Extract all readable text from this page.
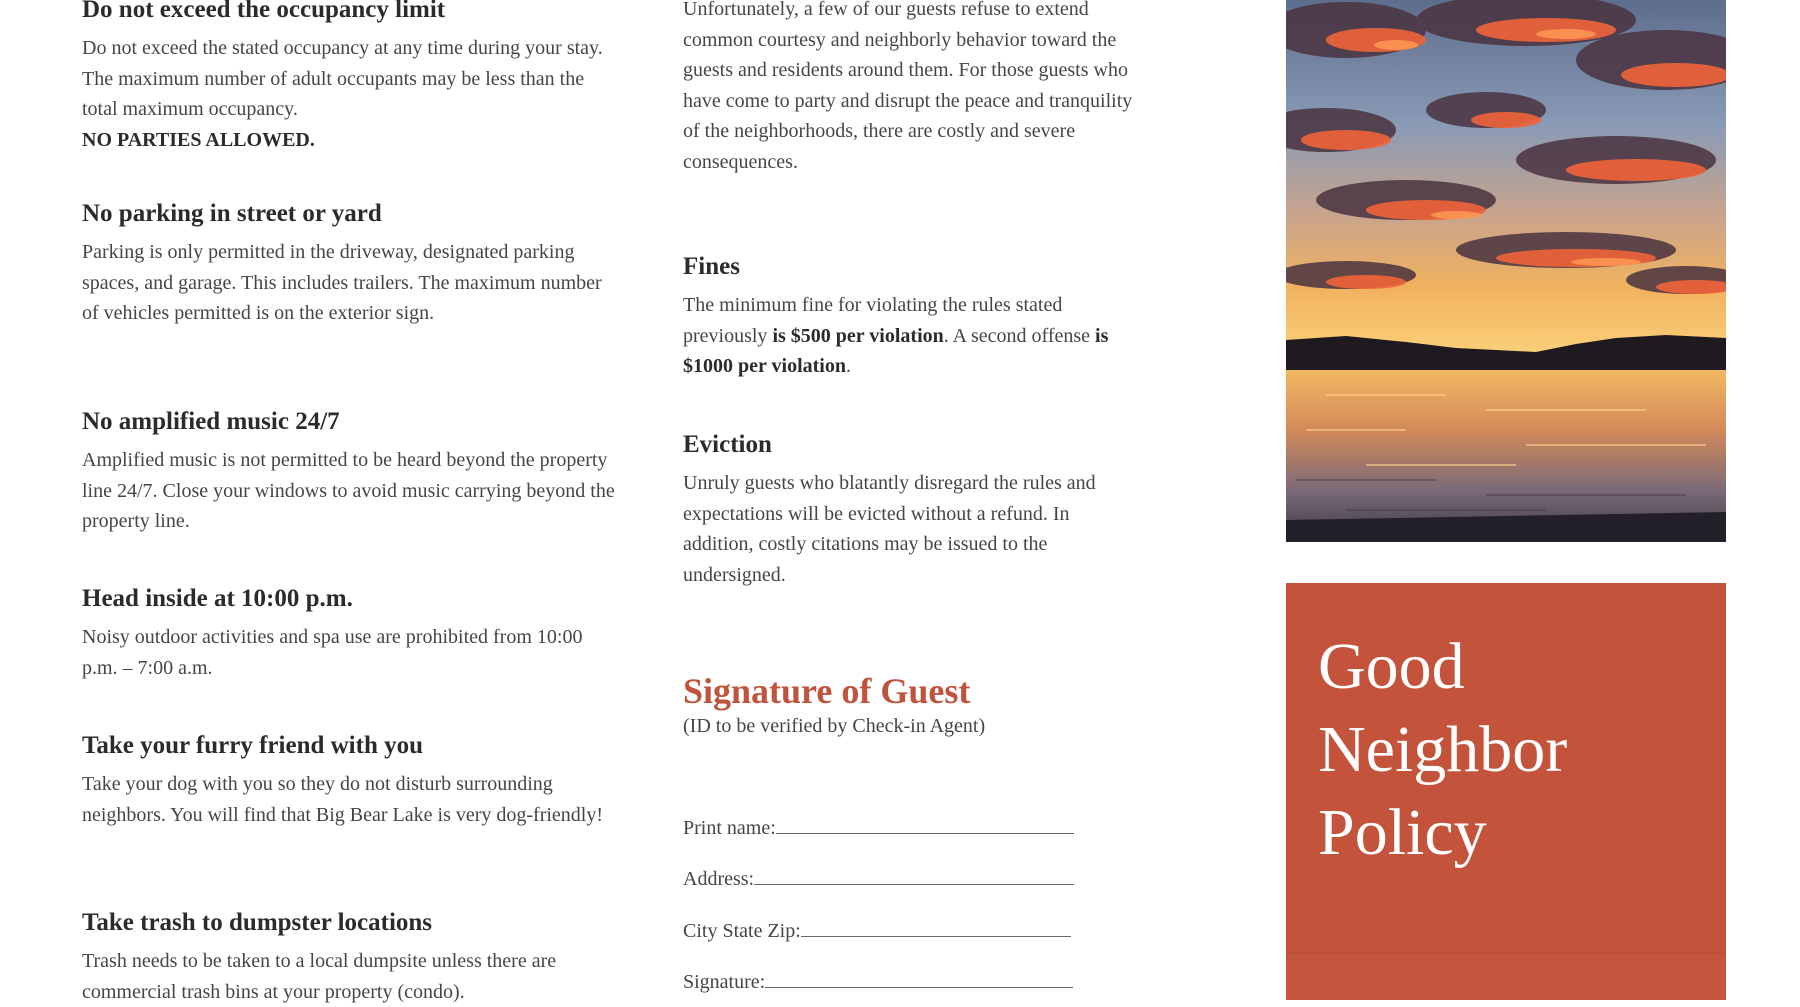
Do not exceed the occupancy limit

Do not exceed the stated occupancy at any time during your stay. The maximum number of adult occupants may be less than the total maximum occupancy.
NO PARTIES ALLOWED.

No parking in street or yard

Parking is only permitted in the driveway, designated parking spaces, and garage. This includes trailers. The maximum number of vehicles permitted is on the exterior sign.

No amplified music 24/7

Amplified music is not permitted to be heard beyond the property line 24/7. Close your windows to avoid music carrying beyond the property line.

Head inside at 10:00 p.m.

Noisy outdoor activities and spa use are prohibited from 10:00 p.m. – 7:00 a.m.

Take your furry friend with you

Take your dog with you so they do not disturb surrounding neighbors. You will find that Big Bear Lake is very dog-friendly!

Take trash to dumpster locations

Trash needs to be taken to a local dumpsite unless there are commercial trash bins at your property (condo).

Unfortunately, a few of our guests refuse to extend common courtesy and neighborly behavior toward the guests and residents around them. For those guests who have come to party and disrupt the peace and tranquility of the neighborhoods, there are costly and severe consequences.

Fines

The minimum fine for violating the rules stated previously is $500 per violation. A second offense is $1000 per violation.

Eviction

Unruly guests who blatantly disregard the rules and expectations will be evicted without a refund. In addition, costly citations may be issued to the undersigned.

Signature of Guest
(ID to be verified by Check-in Agent)
Print name:
Address:
City State Zip:
Signature:
Good
Neighbor
Policy
